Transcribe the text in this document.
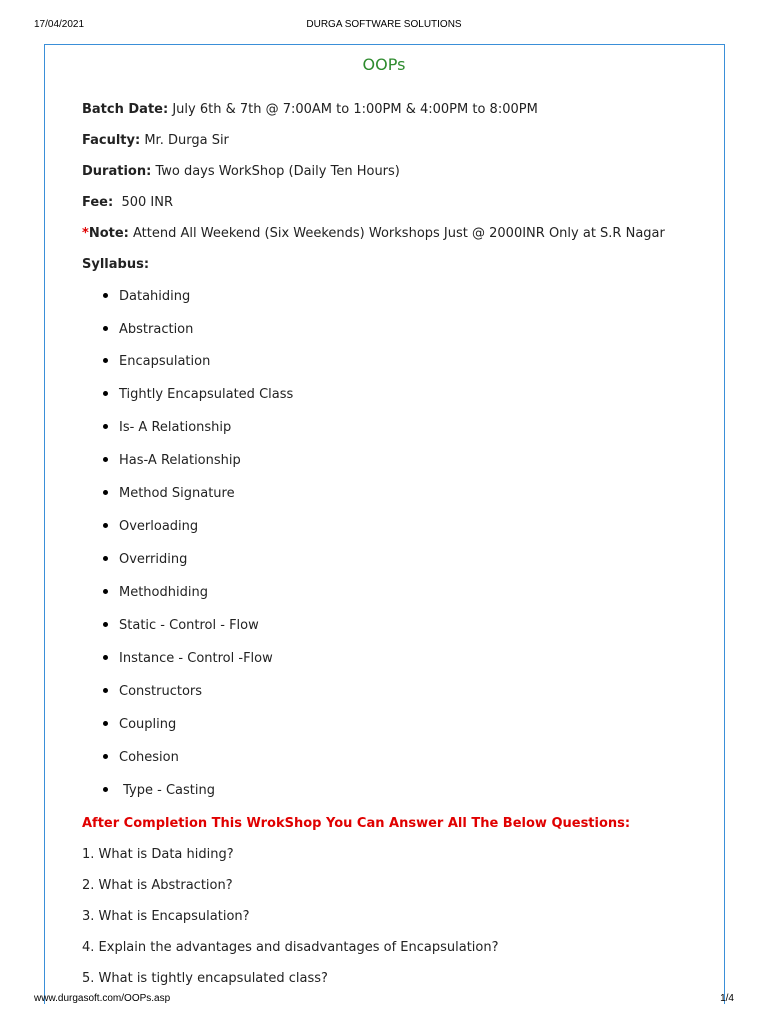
17/04/2021	DURGA SOFTWARE SOLUTIONS
OOPs
Batch Date: July 6th & 7th @ 7:00AM to 1:00PM & 4:00PM to 8:00PM
Faculty: Mr. Durga Sir
Duration: Two days WorkShop (Daily Ten Hours)
Fee: 500 INR
*Note: Attend All Weekend (Six Weekends) Workshops Just @ 2000INR Only at S.R Nagar
Syllabus:
Datahiding
Abstraction
Encapsulation
Tightly Encapsulated Class
Is- A Relationship
Has-A Relationship
Method Signature
Overloading
Overriding
Methodhiding
Static - Control - Flow
Instance - Control -Flow
Constructors
Coupling
Cohesion
Type - Casting
After Completion This WrokShop You Can Answer All The Below Questions:
1. What is Data hiding?
2. What is Abstraction?
3. What is Encapsulation?
4. Explain the advantages and disadvantages of Encapsulation?
5. What is tightly encapsulated class?
www.durgasoft.com/OOPs.asp	1/4
